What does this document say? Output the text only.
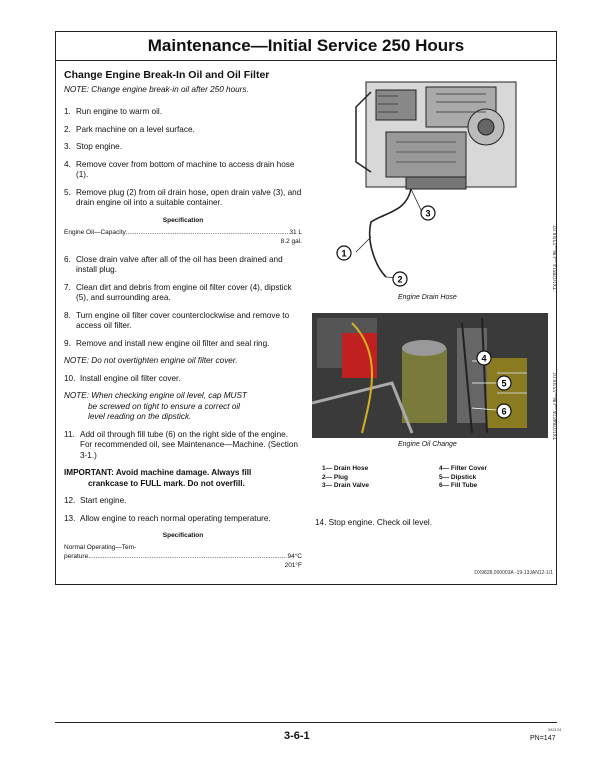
Maintenance—Initial Service 250 Hours
Change Engine Break-In Oil and Oil Filter
NOTE: Change engine break-in oil after 250 hours.
1. Run engine to warm oil.
2. Park machine on a level surface.
3. Stop engine.
4. Remove cover from bottom of machine to access drain hose (1).
5. Remove plug (2) from oil drain hose, open drain valve (3), and drain engine oil into a suitable container.
Specification
Engine Oil—Capacity .....	31 L
8.2 gal.
6. Close drain valve after all of the oil has been drained and install plug.
7. Clean dirt and debris from engine oil filter cover (4), dipstick (5), and surrounding area.
8. Turn engine oil filter cover counterclockwise and remove to access oil filter.
9. Remove and install new engine oil filter and seal ring.
NOTE: Do not overtighten engine oil filter cover.
10. Install engine oil filter cover.
NOTE: When checking engine oil level, cap MUST
be screwed on tight to ensure a correct oil
level reading on the dipstick.
11. Add oil through fill tube (6) on the right side of the engine. For recommended oil, see Maintenance—Machine. (Section 3-1.)
IMPORTANT: Avoid machine damage. Always fill
crankcase to FULL mark. Do not overfill.
12. Start engine.
13. Allow engine to reach normal operating temperature.
Specification
Normal Operating—Tem-
perature .....	94°C
201°F
3
1
2
Engine Drain Hose
TX1028514 —UN—13JUL07
4
5
6
Engine Oil Change
TX1028467A —UN—13JUL07
1— Drain Hose
2— Plug
3— Drain Valve
4— Filter Cover
5— Dipstick
6— Fill Tube
14. Stop engine. Check oil level.
DX9828,000003A -19-13JAN12-1/1
3-6-1
082124
PN=147
